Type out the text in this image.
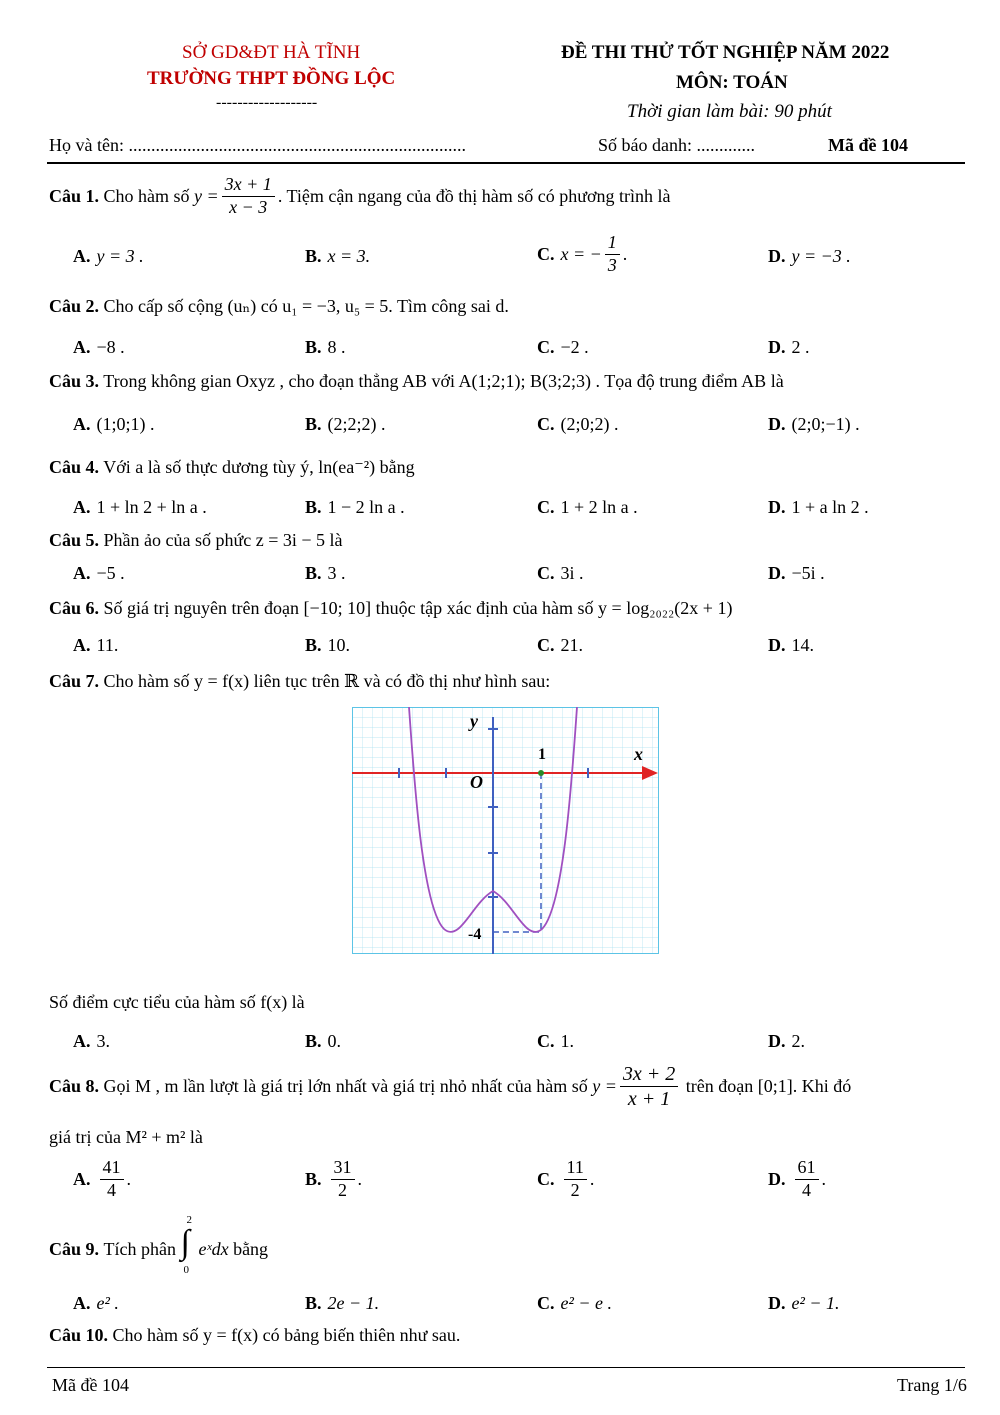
SỞ GD&ĐT HÀ TĨNH
TRƯỜNG THPT ĐỒNG LỘC
-------------------
ĐỀ THI THỬ TỐT NGHIỆP NĂM 2022
MÔN: TOÁN
Thời gian làm bài: 90 phút
Họ và tên: ...........................................................................	Số báo danh: .............	Mã đề 104
Câu 1.
Cho hàm số
$y = \frac{3x + 1}{x - 3}$ . Tiệm cận ngang của đồ thị hàm số có phương trình là
A. y = 3 .	B. x = 3.	C. x = − $\frac{1}{3}$ .	D. y = −3 .
Câu 2. Cho cấp số cộng (uₙ) có u₁ = −3, u₅ = 5. Tìm công sai d.
A. −8 .	B. 8 .	C. −2 .	D. 2 .
Câu 3. Trong không gian Oxyz , cho đoạn thẳng AB với A(1;2;1); B(3;2;3) . Tọa độ trung điểm AB là
A. (1;0;1) .	B. (2;2;2) .	C. (2;0;2) .	D. (2;0;−1) .
Câu 4. Với a là số thực dương tùy ý, ln(ea⁻²) bằng
A. 1 + ln 2 + ln a .	B. 1 − 2 ln a .	C. 1 + 2 ln a .	D. 1 + a ln 2 .
Câu 5. Phần ảo của số phức z = 3i − 5 là
A. −5 .	B. 3 .	C. 3i .	D. −5i .
Câu 6. Số giá trị nguyên trên đoạn [−10; 10] thuộc tập xác định của hàm số y = log₂₀₂₂(2x + 1)
A. 11.	B. 10.	C. 21.	D. 14.
Câu 7. Cho hàm số y = f(x) liên tục trên ℝ và có đồ thị như hình sau:
y
x
O
1
-4
Số điểm cực tiểu của hàm số f(x) là
A. 3.	B. 0.	C. 1.	D. 2.
Câu 8.
Gọi M , m lần lượt là giá trị lớn nhất và giá trị nhỏ nhất của hàm số
$y = \frac{3x + 2}{x + 1}$
trên đoạn [0;1]. Khi đó
giá trị của M² + m² là
A. $\frac{41}{4}$ .	B. $\frac{31}{2}$ .	C. $\frac{11}{2}$ .	D. $\frac{61}{4}$ .
Câu 9.
Tích phân
∫
2
0
eˣdx
bằng
A. e² .	B. 2e − 1.	C. e² − e .	D. e² − 1.
Câu 10. Cho hàm số y = f(x) có bảng biến thiên như sau.
Mã đề 104	Trang 1/6
